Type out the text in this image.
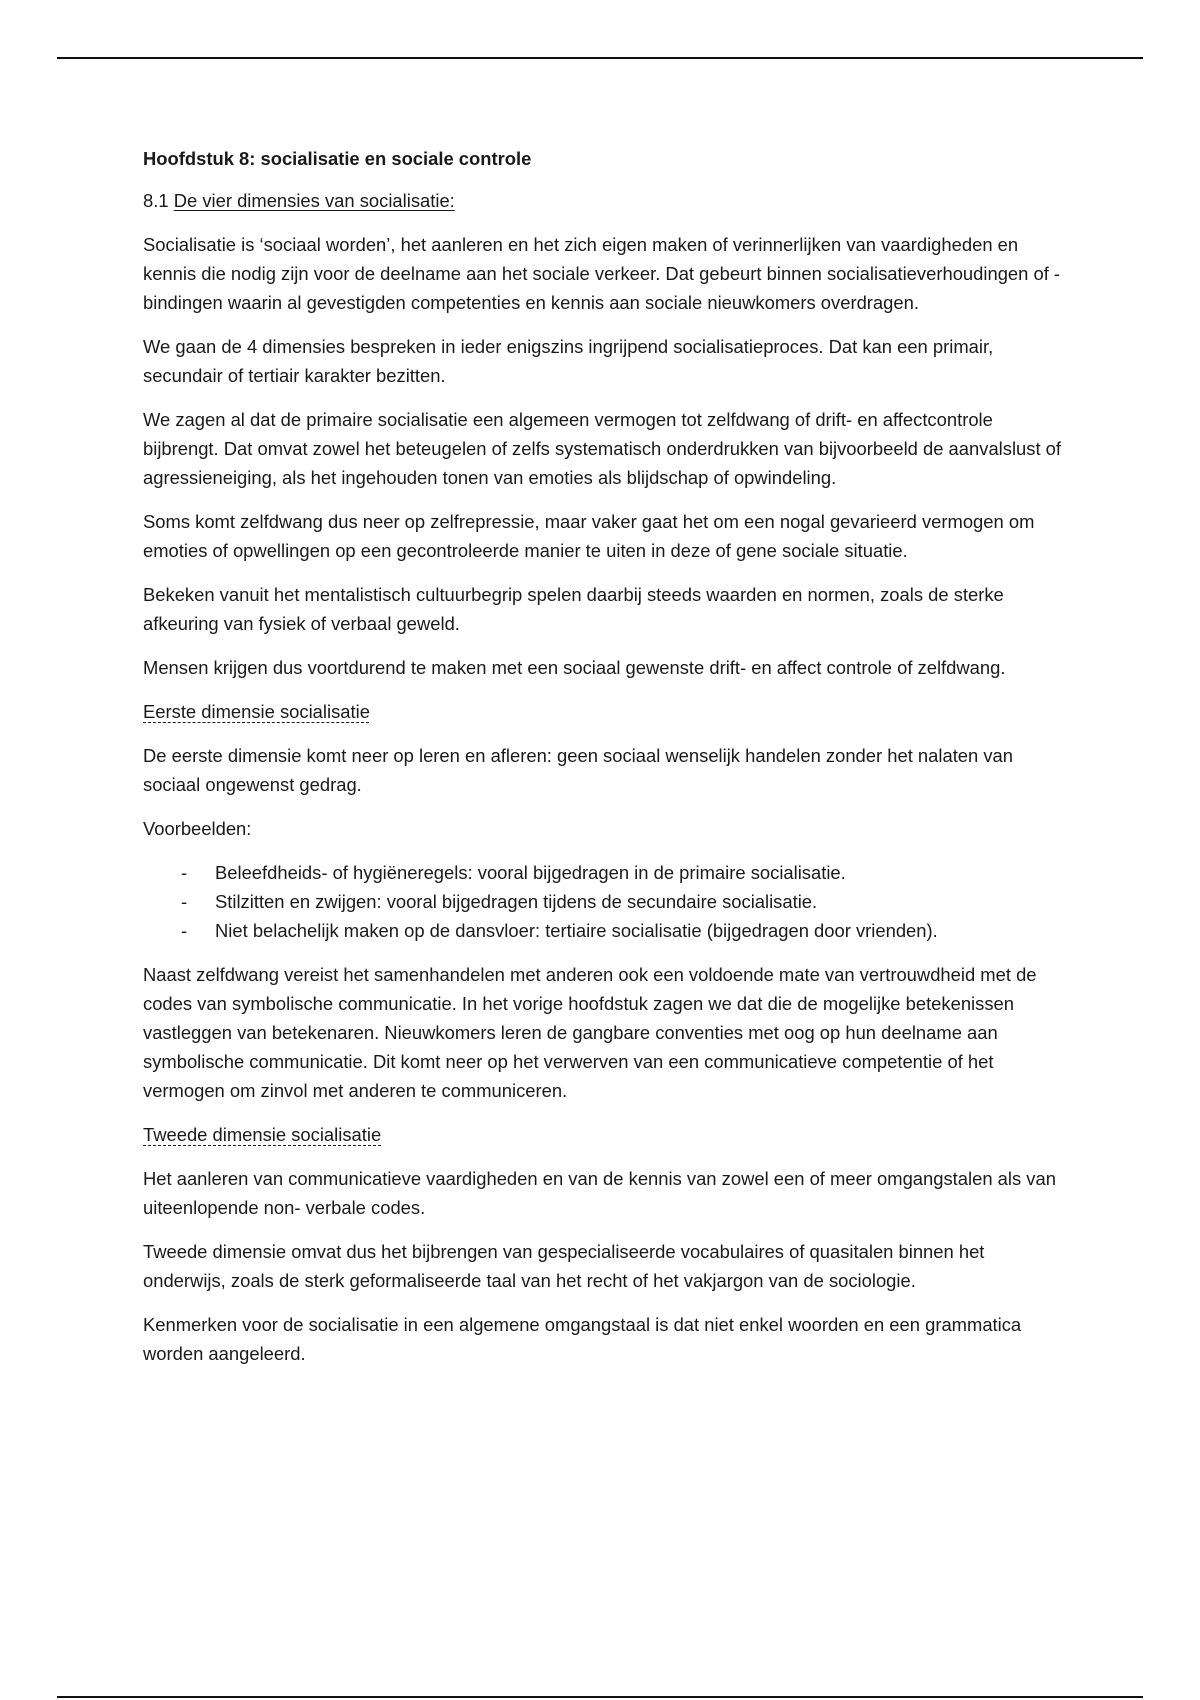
Hoofdstuk 8: socialisatie en sociale controle

8.1 De vier dimensies van socialisatie:

Socialisatie is ‘sociaal worden’, het aanleren en het zich eigen maken of verinnerlijken van vaardigheden en kennis die nodig zijn voor de deelname aan het sociale verkeer. Dat gebeurt binnen socialisatieverhoudingen of -bindingen waarin al gevestigden competenties en kennis aan sociale nieuwkomers overdragen.

We gaan de 4 dimensies bespreken in ieder enigszins ingrijpend socialisatieproces. Dat kan een primair, secundair of tertiair karakter bezitten.

We zagen al dat de primaire socialisatie een algemeen vermogen tot zelfdwang of drift- en affectcontrole bijbrengt. Dat omvat zowel het beteugelen of zelfs systematisch onderdrukken van bijvoorbeeld de aanvalslust of agressieneiging, als het ingehouden tonen van emoties als blijdschap of opwindeling.

Soms komt zelfdwang dus neer op zelfrepressie, maar vaker gaat het om een nogal gevarieerd vermogen om emoties of opwellingen op een gecontroleerde manier te uiten in deze of gene sociale situatie.

Bekeken vanuit het mentalistisch cultuurbegrip spelen daarbij steeds waarden en normen, zoals de sterke afkeuring van fysiek of verbaal geweld.

Mensen krijgen dus voortdurend te maken met een sociaal gewenste drift- en affect controle of zelfdwang.

Eerste dimensie socialisatie

De eerste dimensie komt neer op leren en afleren: geen sociaal wenselijk handelen zonder het nalaten van sociaal ongewenst gedrag.

Voorbeelden:

- Beleefdheids- of hygiëneregels: vooral bijgedragen in de primaire socialisatie.
- Stilzitten en zwijgen: vooral bijgedragen tijdens de secundaire socialisatie.
- Niet belachelijk maken op de dansvloer: tertiaire socialisatie (bijgedragen door vrienden).

Naast zelfdwang vereist het samenhandelen met anderen ook een voldoende mate van vertrouwdheid met de codes van symbolische communicatie. In het vorige hoofdstuk zagen we dat die de mogelijke betekenissen vastleggen van betekenaren. Nieuwkomers leren de gangbare conventies met oog op hun deelname aan symbolische communicatie. Dit komt neer op het verwerven van een communicatieve competentie of het vermogen om zinvol met anderen te communiceren.

Tweede dimensie socialisatie

Het aanleren van communicatieve vaardigheden en van de kennis van zowel een of meer omgangstalen als van uiteenlopende non- verbale codes.

Tweede dimensie omvat dus het bijbrengen van gespecialiseerde vocabulaires of quasitalen binnen het onderwijs, zoals de sterk geformaliseerde taal van het recht of het vakjargon van de sociologie.

Kenmerken voor de socialisatie in een algemene omgangstaal is dat niet enkel woorden en een grammatica worden aangeleerd.
